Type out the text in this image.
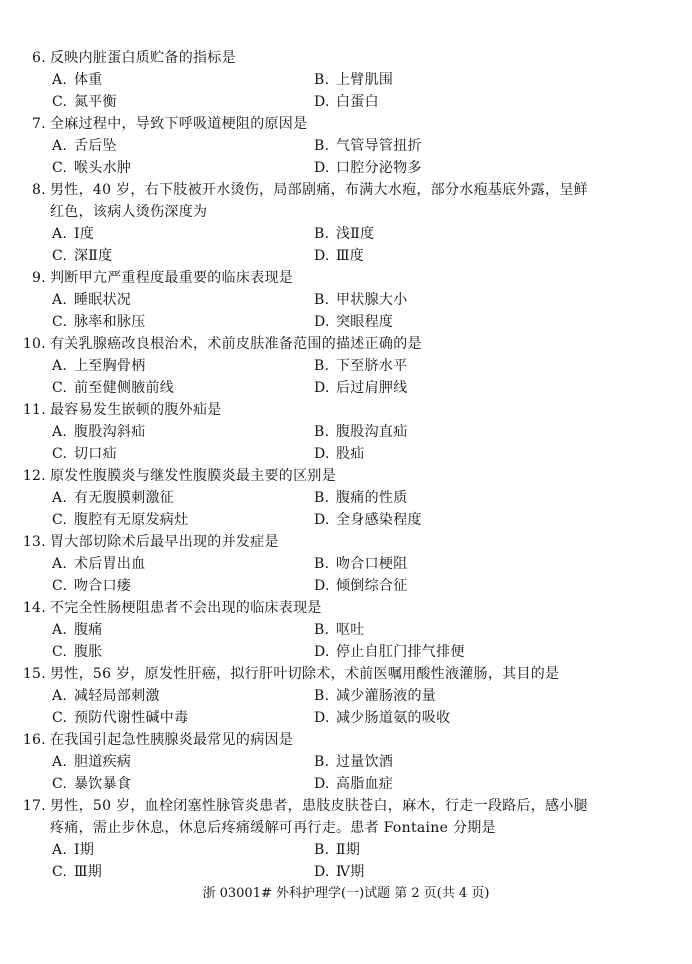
6. 反映内脏蛋白质贮备的指标是
A. 体重	B. 上臂肌围
C. 氮平衡	D. 白蛋白
7. 全麻过程中，导致下呼吸道梗阻的原因是
A. 舌后坠	B. 气管导管扭折
C. 喉头水肿	D. 口腔分泌物多
8. 男性，40 岁，右下肢被开水烫伤，局部剧痛，布满大水疱，部分水疱基底外露，呈鲜
红色，该病人烫伤深度为
A. Ⅰ度	B. 浅Ⅱ度
C. 深Ⅱ度	D. Ⅲ度
9. 判断甲亢严重程度最重要的临床表现是
A. 睡眠状况	B. 甲状腺大小
C. 脉率和脉压	D. 突眼程度
10. 有关乳腺癌改良根治术，术前皮肤准备范围的描述正确的是
A. 上至胸骨柄	B. 下至脐水平
C. 前至健侧腋前线	D. 后过肩胛线
11. 最容易发生嵌顿的腹外疝是
A. 腹股沟斜疝	B. 腹股沟直疝
C. 切口疝	D. 股疝
12. 原发性腹膜炎与继发性腹膜炎最主要的区别是
A. 有无腹膜刺激征	B. 腹痛的性质
C. 腹腔有无原发病灶	D. 全身感染程度
13. 胃大部切除术后最早出现的并发症是
A. 术后胃出血	B. 吻合口梗阻
C. 吻合口瘘	D. 倾倒综合征
14. 不完全性肠梗阻患者不会出现的临床表现是
A. 腹痛	B. 呕吐
C. 腹胀	D. 停止自肛门排气排便
15. 男性，56 岁，原发性肝癌，拟行肝叶切除术，术前医嘱用酸性液灌肠，其目的是
A. 减轻局部刺激	B. 减少灌肠液的量
C. 预防代谢性碱中毒	D. 减少肠道氨的吸收
16. 在我国引起急性胰腺炎最常见的病因是
A. 胆道疾病	B. 过量饮酒
C. 暴饮暴食	D. 高脂血症
17. 男性，50 岁，血栓闭塞性脉管炎患者，患肢皮肤苍白，麻木，行走一段路后，感小腿
疼痛，需止步休息，休息后疼痛缓解可再行走。患者 Fontaine 分期是
A. Ⅰ期	B. Ⅱ期
C. Ⅲ期	D. Ⅳ期
浙 03001# 外科护理学(一)试题 第 2 页(共 4 页)
